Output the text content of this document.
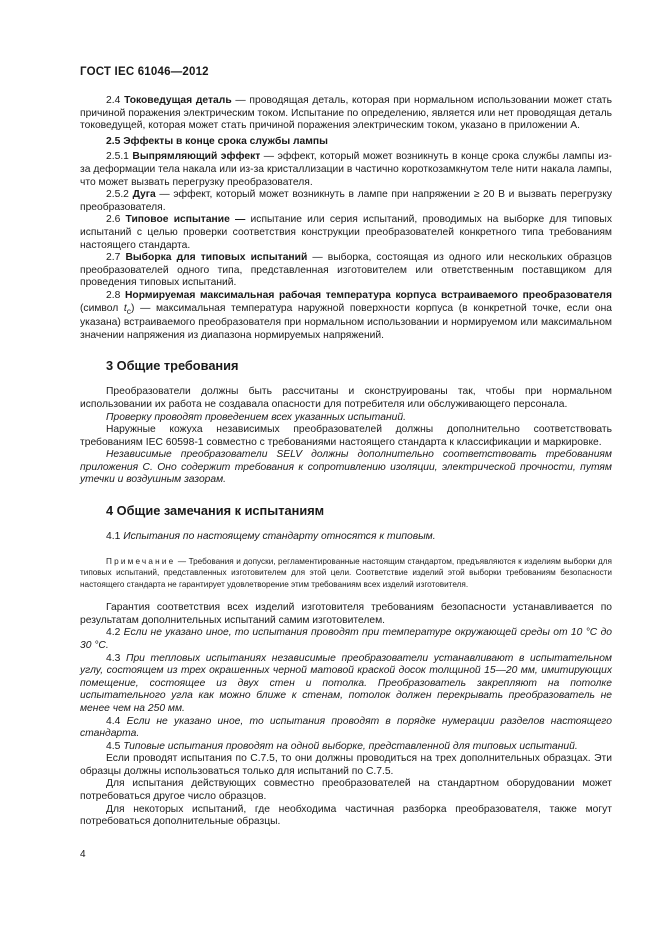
ГОСТ IEC 61046—2012

2.4 Токоведущая деталь — проводящая деталь, которая при нормальном использовании может стать причиной поражения электрическим током. Испытание по определению, является или нет проводящая деталь токоведущей, которая может стать причиной поражения электрическим током, указано в приложении А.

2.5 Эффекты в конце срока службы лампы

2.5.1 Выпрямляющий эффект — эффект, который может возникнуть в конце срока службы лампы из-за деформации тела накала или из-за кристаллизации в частично короткозамкнутом теле нити накала лампы, что может вызвать перегрузку преобразователя.

2.5.2 Дуга — эффект, который может возникнуть в лампе при напряжении ≥ 20 В и вызвать перегрузку преобразователя.

2.6 Типовое испытание — испытание или серия испытаний, проводимых на выборке для типовых испытаний с целью проверки соответствия конструкции преобразователей конкретного типа требованиям настоящего стандарта.

2.7 Выборка для типовых испытаний — выборка, состоящая из одного или нескольких образцов преобразователей одного типа, представленная изготовителем или ответственным поставщиком для проведения типовых испытаний.

2.8 Нормируемая максимальная рабочая температура корпуса встраиваемого преобразователя (символ $t_c$) — максимальная температура наружной поверхности корпуса (в конкретной точке, если она указана) встраиваемого преобразователя при нормальном использовании и нормируемом или максимальном значении напряжения из диапазона нормируемых напряжений.

3 Общие требования

Преобразователи должны быть рассчитаны и сконструированы так, чтобы при нормальном использовании их работа не создавала опасности для потребителя или обслуживающего персонала.

Проверку проводят проведением всех указанных испытаний.

Наружные кожуха независимых преобразователей должны дополнительно соответствовать требованиям IEC 60598-1 совместно с требованиями настоящего стандарта к классификации и маркировке.

Независимые преобразователи SELV должны дополнительно соответствовать требованиям приложения С. Оно содержит требования к сопротивлению изоляции, электрической прочности, путям утечки и воздушным зазорам.

4 Общие замечания к испытаниям

4.1 Испытания по настоящему стандарту относятся к типовым.

Примечание — Требования и допуски, регламентированные настоящим стандартом, предъявляются к изделиям выборки для типовых испытаний, представленных изготовителем для этой цели. Соответствие изделий этой выборки требованиям безопасности настоящего стандарта не гарантирует удовлетворение этим требованиям всех изделий изготовителя.

Гарантия соответствия всех изделий изготовителя требованиям безопасности устанавливается по результатам дополнительных испытаний самим изготовителем.

4.2 Если не указано иное, то испытания проводят при температуре окружающей среды от 10 °С до 30 °С.

4.3 При тепловых испытаниях независимые преобразователи устанавливают в испытательном углу, состоящем из трех окрашенных черной матовой краской досок толщиной 15—20 мм, имитирующих помещение, состоящее из двух стен и потолка. Преобразователь закрепляют на потолке испытательного угла как можно ближе к стенам, потолок должен перекрывать преобразователь не менее чем на 250 мм.

4.4 Если не указано иное, то испытания проводят в порядке нумерации разделов настоящего стандарта.

4.5 Типовые испытания проводят на одной выборке, представленной для типовых испытаний.

Если проводят испытания по С.7.5, то они должны проводиться на трех дополнительных образцах. Эти образцы должны использоваться только для испытаний по С.7.5.

Для испытания действующих совместно преобразователей на стандартном оборудовании может потребоваться другое число образцов.

Для некоторых испытаний, где необходима частичная разборка преобразователя, также могут потребоваться дополнительные образцы.

4
